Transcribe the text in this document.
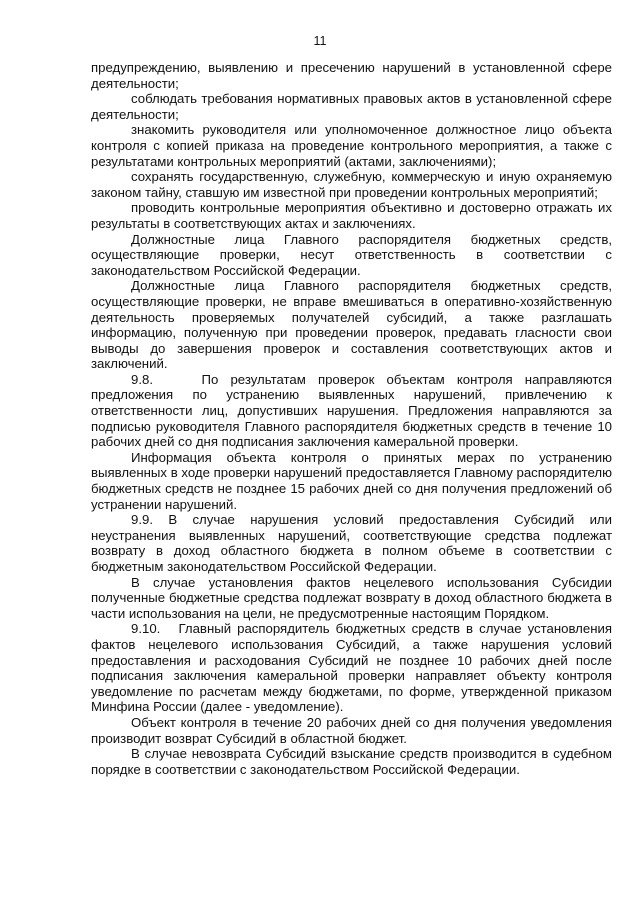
11

предупреждению, выявлению и пресечению нарушений в установленной сфере деятельности;

соблюдать требования нормативных правовых актов в установленной сфере деятельности;

знакомить руководителя или уполномоченное должностное лицо объекта контроля с копией приказа на проведение контрольного мероприятия, а также с результатами контрольных мероприятий (актами, заключениями);

сохранять государственную, служебную, коммерческую и иную охраняемую законом тайну, ставшую им известной при проведении контрольных мероприятий;

проводить контрольные мероприятия объективно и достоверно отражать их результаты в соответствующих актах и заключениях.

Должностные лица Главного распорядителя бюджетных средств, осуществляющие проверки, несут ответственность в соответствии с законодательством Российской Федерации.

Должностные лица Главного распорядителя бюджетных средств, осуществляющие проверки, не вправе вмешиваться в оперативно-хозяйственную деятельность проверяемых получателей субсидий, а также разглашать информацию, полученную при проведении проверок, предавать гласности свои выводы до завершения проверок и составления соответствующих актов и заключений.

9.8.    По результатам проверок объектам контроля направляются предложения по устранению выявленных нарушений, привлечению к ответственности лиц, допустивших нарушения. Предложения направляются за подписью руководителя Главного распорядителя бюджетных средств в течение 10 рабочих дней со дня подписания заключения камеральной проверки.

Информация объекта контроля о принятых мерах по устранению выявленных в ходе проверки нарушений предоставляется Главному распорядителю бюджетных средств не позднее 15 рабочих дней со дня получения предложений об устранении нарушений.

9.9. В случае нарушения условий предоставления Субсидий или неустранения выявленных нарушений, соответствующие средства подлежат возврату в доход областного бюджета в полном объеме в соответствии с бюджетным законодательством Российской Федерации.

В случае установления фактов нецелевого использования Субсидии полученные бюджетные средства подлежат возврату в доход областного бюджета в части использования на цели, не предусмотренные настоящим Порядком.

9.10.   Главный распорядитель бюджетных средств в случае установления фактов нецелевого использования Субсидий, а также нарушения условий предоставления и расходования Субсидий не позднее 10 рабочих дней после подписания заключения камеральной проверки направляет объекту контроля уведомление по расчетам между бюджетами, по форме, утвержденной приказом Минфина России (далее - уведомление).

Объект контроля в течение 20 рабочих дней со дня получения уведомления производит возврат Субсидий в областной бюджет.

В случае невозврата Субсидий взыскание средств производится в судебном порядке в соответствии с законодательством Российской Федерации.
